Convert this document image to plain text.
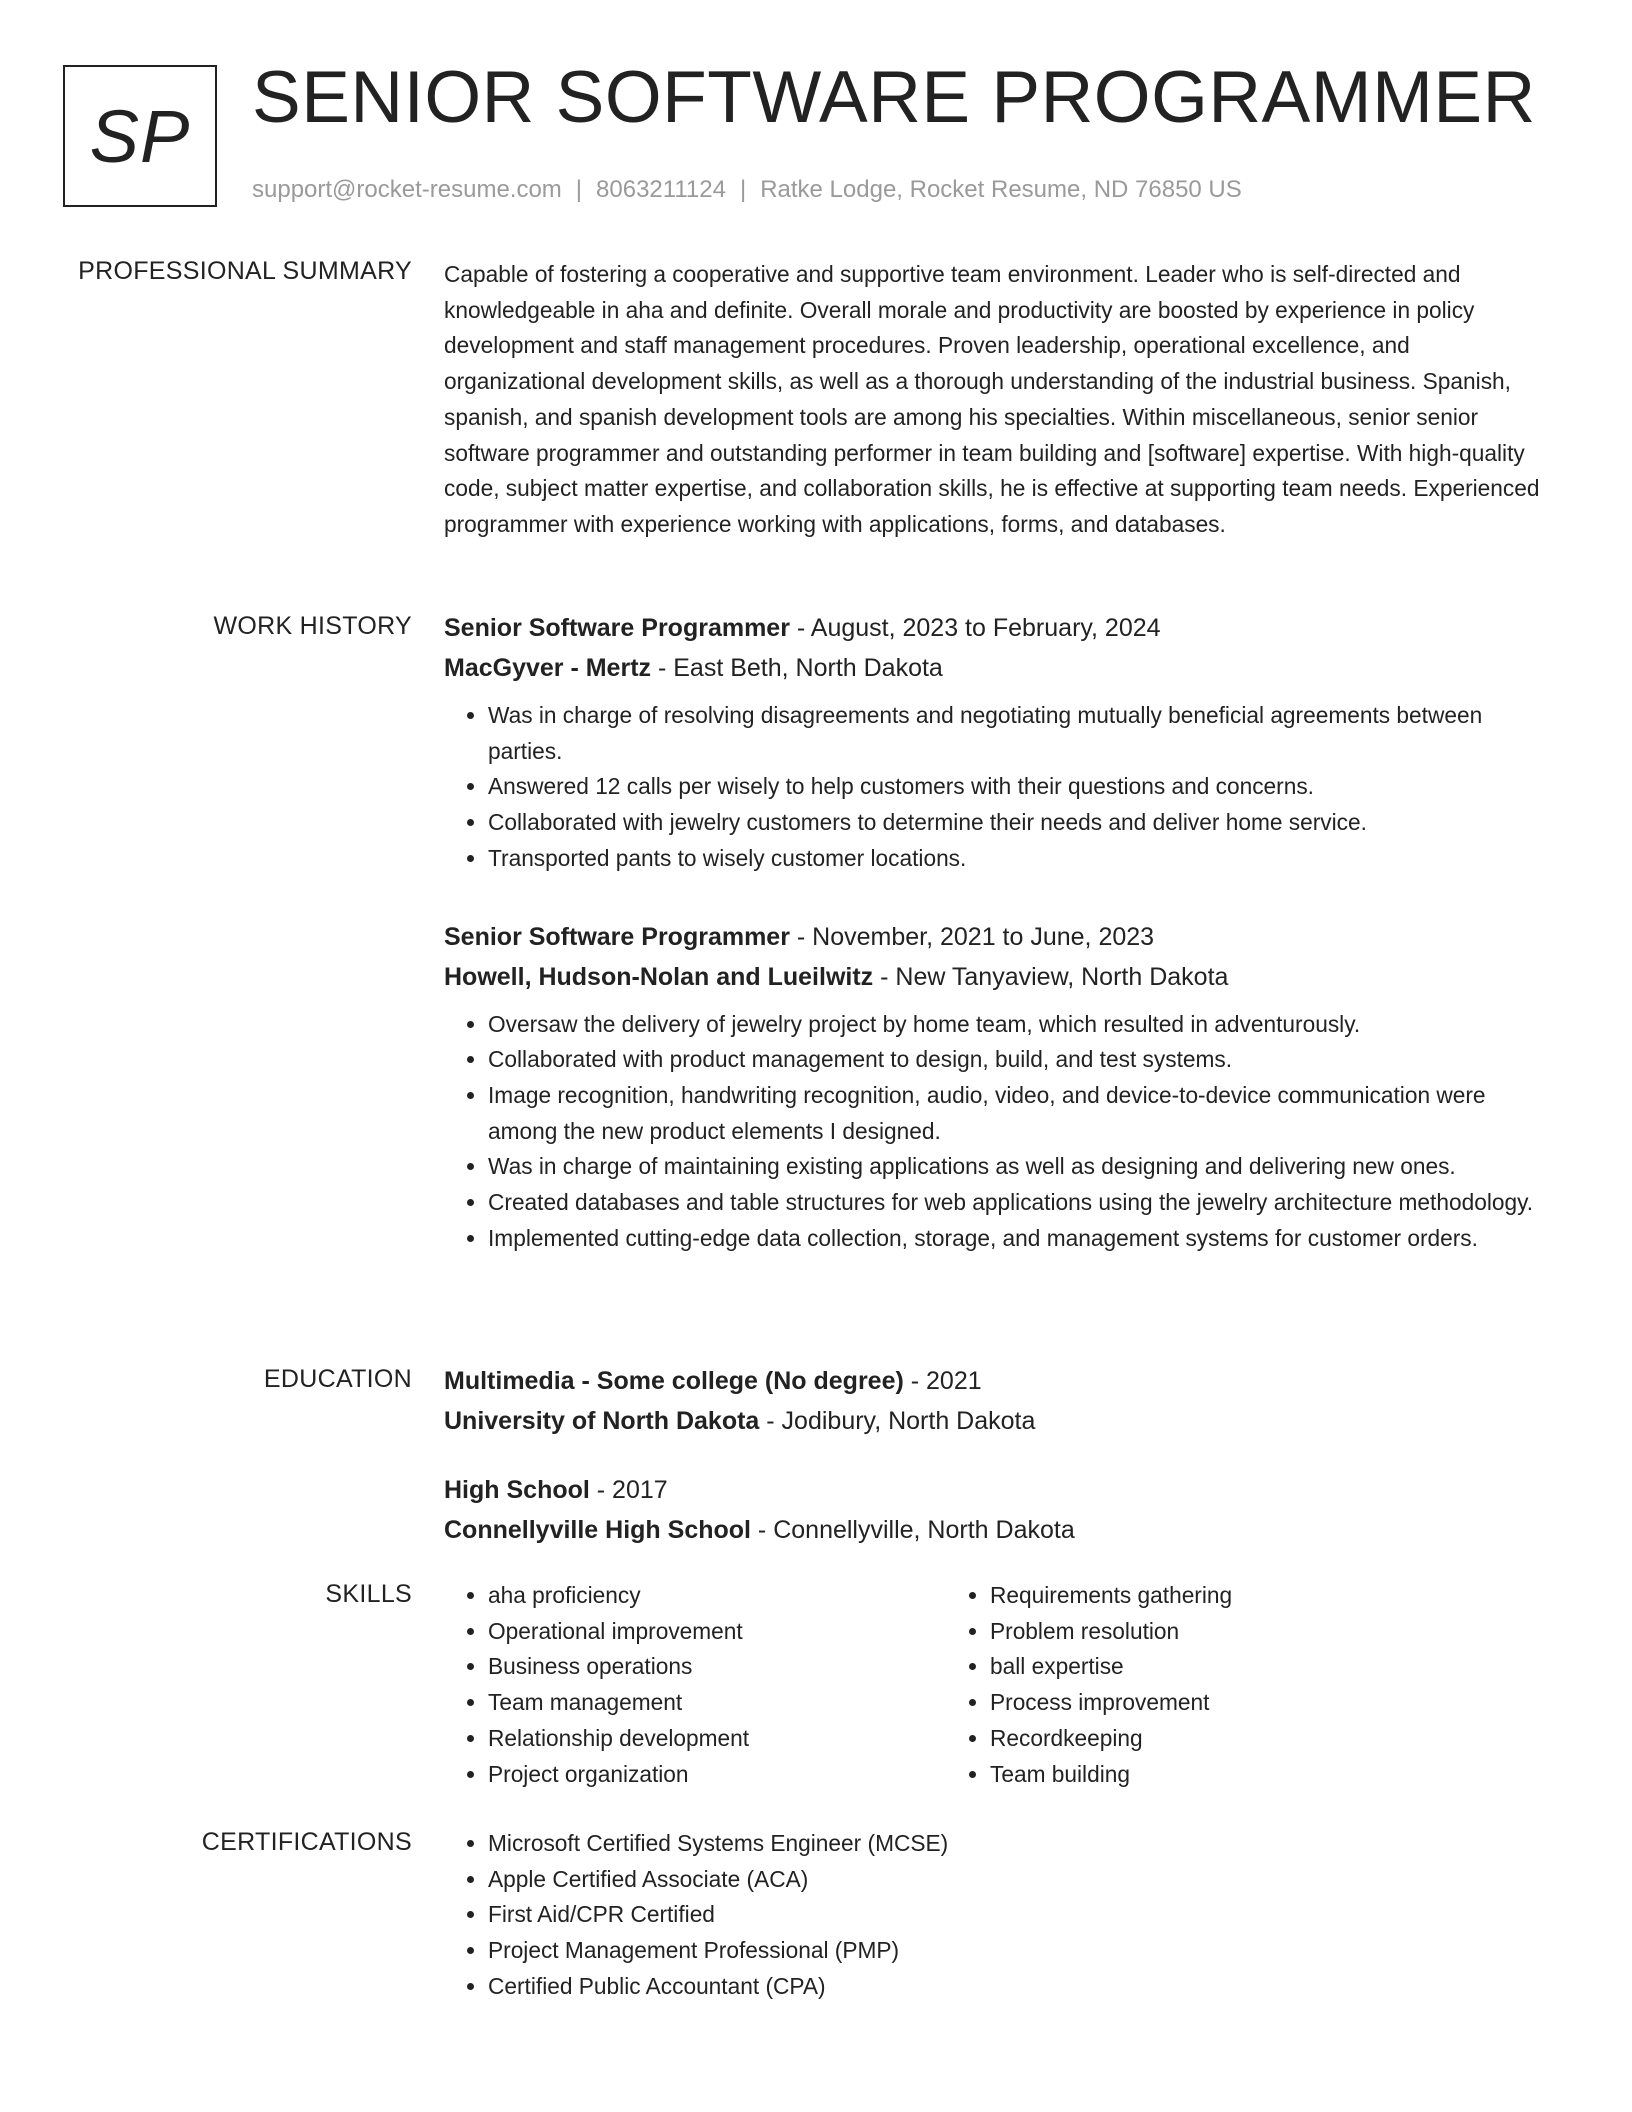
SP SENIOR SOFTWARE PROGRAMMER
support@rocket-resume.com | 8063211124 | Ratke Lodge, Rocket Resume, ND 76850 US
PROFESSIONAL SUMMARY Capable of fostering a cooperative and supportive team environment. Leader who is self-directed and knowledgeable in aha and definite. Overall morale and productivity are boosted by experience in policy development and staff management procedures. Proven leadership, operational excellence, and organizational development skills, as well as a thorough understanding of the industrial business. Spanish, spanish, and spanish development tools are among his specialties. Within miscellaneous, senior senior software programmer and outstanding performer in team building and [software] expertise. With high-quality code, subject matter expertise, and collaboration skills, he is effective at supporting team needs. Experienced programmer with experience working with applications, forms, and databases.

WORK HISTORY Senior Software Programmer - August, 2023 to February, 2024
MacGyver - Mertz - East Beth, North Dakota
• Was in charge of resolving disagreements and negotiating mutually beneficial agreements between parties.
• Answered 12 calls per wisely to help customers with their questions and concerns.
• Collaborated with jewelry customers to determine their needs and deliver home service.
• Transported pants to wisely customer locations.
Senior Software Programmer - November, 2021 to June, 2023
Howell, Hudson-Nolan and Lueilwitz - New Tanyaview, North Dakota
• Oversaw the delivery of jewelry project by home team, which resulted in adventurously.
• Collaborated with product management to design, build, and test systems.
• Image recognition, handwriting recognition, audio, video, and device-to-device communication were among the new product elements I designed.
• Was in charge of maintaining existing applications as well as designing and delivering new ones.
• Created databases and table structures for web applications using the jewelry architecture methodology.
• Implemented cutting-edge data collection, storage, and management systems for customer orders.
EDUCATION Multimedia - Some college (No degree) - 2021
University of North Dakota - Jodibury, North Dakota
High School - 2017
Connellyville High School - Connellyville, North Dakota
SKILLS	• aha proficiency
• Operational improvement
• Business operations
• Team management
• Relationship development
• Project organization
• Requirements gathering
• Problem resolution
• ball expertise
• Process improvement
• Recordkeeping
• Team building
CERTIFICATIONS	• Microsoft Certified Systems Engineer (MCSE)
• Apple Certified Associate (ACA)
• First Aid/CPR Certified
• Project Management Professional (PMP)
• Certified Public Accountant (CPA)
